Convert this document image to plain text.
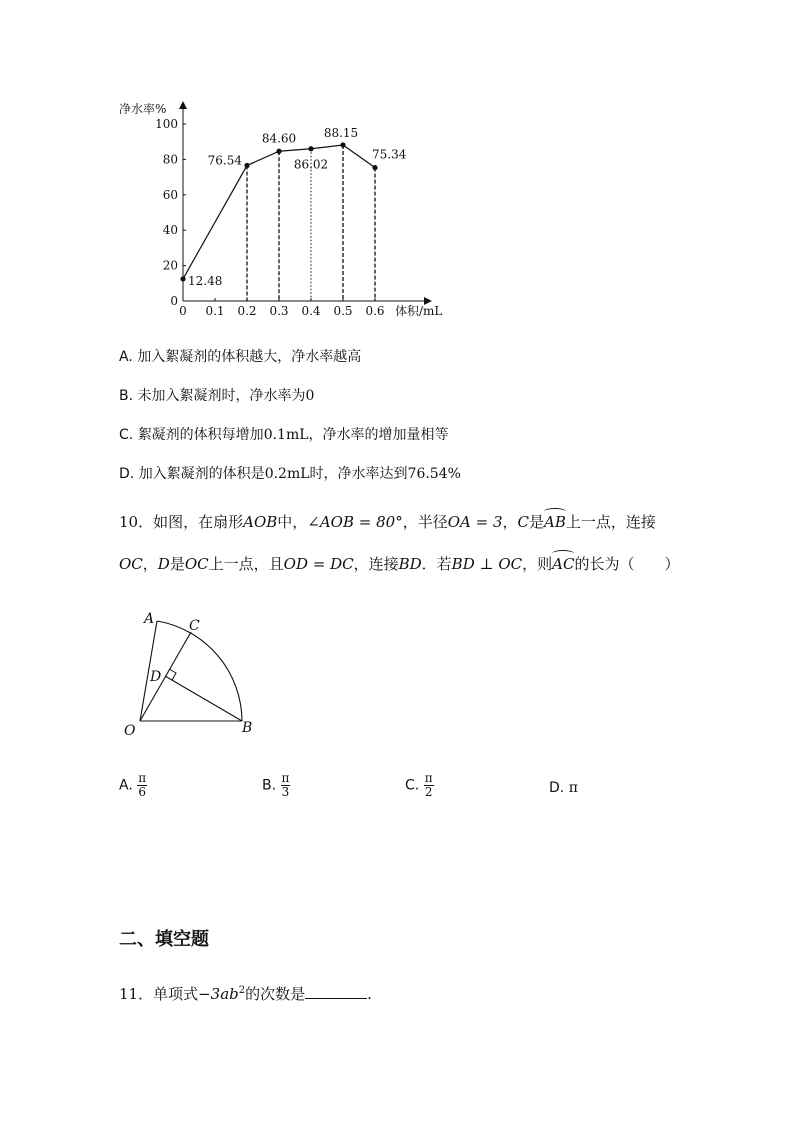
净水率%
体积/mL
0
20
40
60
80
100
0 0.1 0.2 0.3 0.4 0.5 0.6
12.48
76.54
84.60
86.02
88.15
75.34
A. 加入絮凝剂的体积越大，净水率越高
B. 未加入絮凝剂时，净水率为0
C. 絮凝剂的体积每增加0.1mL，净水率的增加量相等
D. 加入絮凝剂的体积是0.2mL时，净水率达到76.54%
10．如图，在扇形AOB中，∠AOB = 80°，半径OA = 3，C是AB上一点，连接
OC，D是OC上一点，且OD = DC，连接BD．若BD ⊥ OC，则AC的长为（　　）
A C
D
O	B
A. $\frac{\pi}{6}$	B. $\frac{\pi}{3}$	C. $\frac{\pi}{2}$	D. π
二、填空题
11．单项式$-3ab^2$的次数是	.
